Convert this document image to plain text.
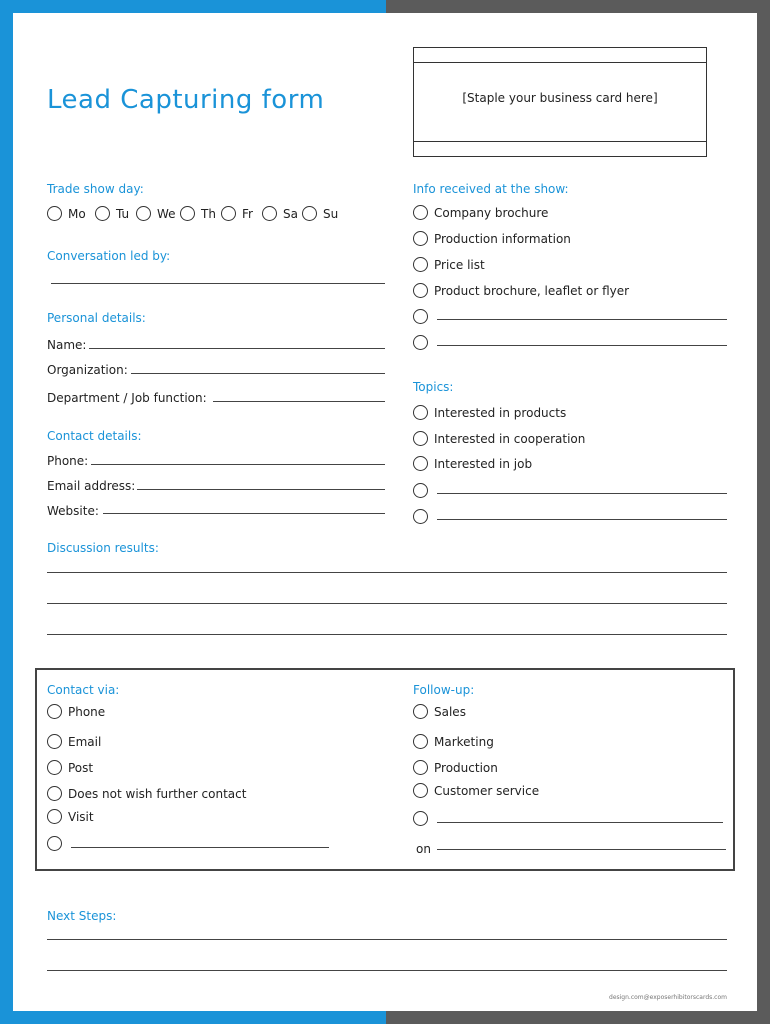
Lead Capturing form	[Staple your business card here]
Trade show day:
Mo	Tu We Th Fr	Sa Su
Conversation led by:
Personal details:
Name:
Organization:
Department / Job function:
Contact details:
Phone:
Email address:
Website:
Info received at the show:
Company brochure
Production information
Price list
Product brochure, leaflet or flyer
Topics:
Interested in products
Interested in cooperation
Interested in job
Discussion results:
Contact via:
Phone
Email
Post
Does not wish further contact
Visit
Follow-up:
Sales
Marketing
Production
Customer service
on
Next Steps:
design.com@exposerhibitorscards.com
